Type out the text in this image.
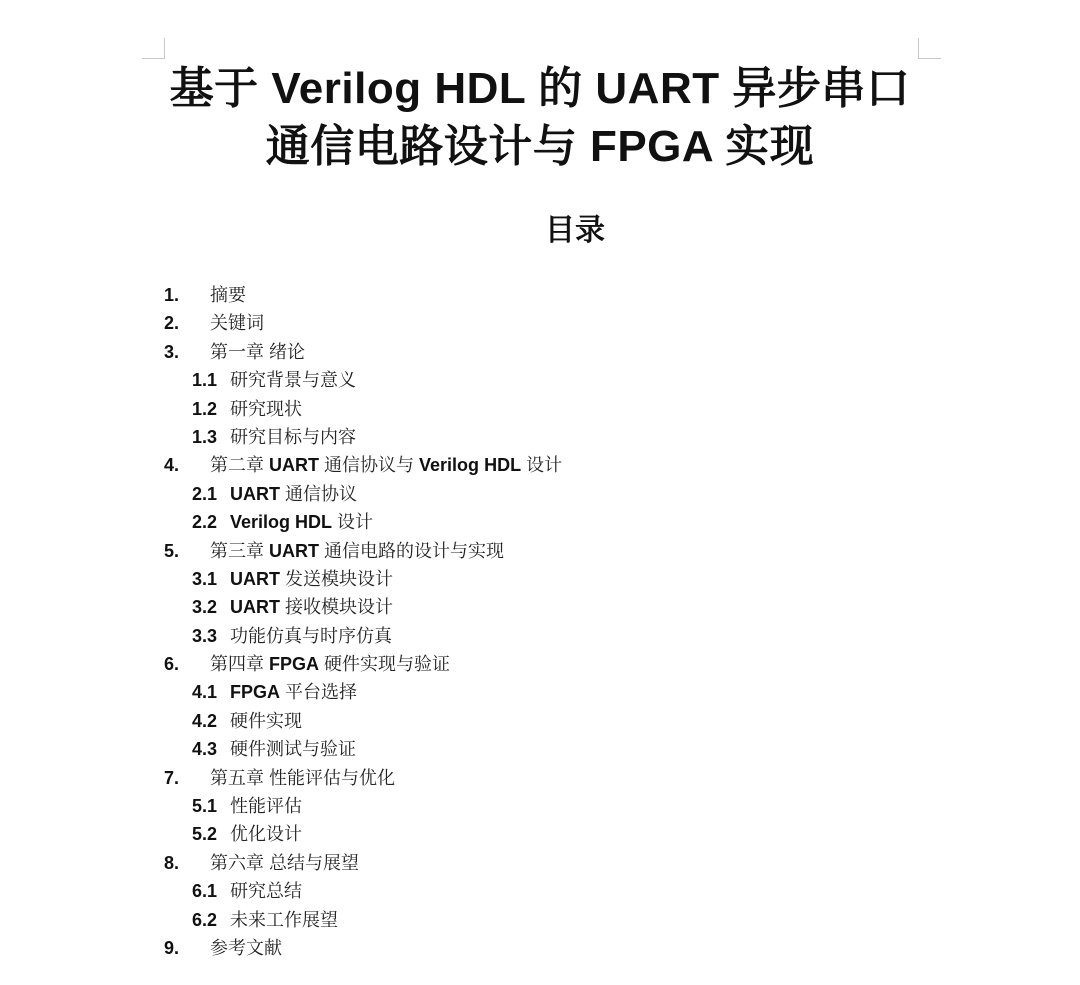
基于 Verilog HDL 的 UART 异步串口
通信电路设计与 FPGA 实现
目录
1. 摘要
2. 关键词
3. 第一章 绪论
1.1 研究背景与意义
1.2 研究现状
1.3 研究目标与内容
4. 第二章 UART 通信协议与 Verilog HDL 设计
2.1 UART 通信协议
2.2 Verilog HDL 设计
5. 第三章 UART 通信电路的设计与实现
3.1 UART 发送模块设计
3.2 UART 接收模块设计
3.3 功能仿真与时序仿真
6. 第四章 FPGA 硬件实现与验证
4.1 FPGA 平台选择
4.2 硬件实现
4.3 硬件测试与验证
7. 第五章 性能评估与优化
5.1 性能评估
5.2 优化设计
8. 第六章 总结与展望
6.1 研究总结
6.2 未来工作展望
9. 参考文献
